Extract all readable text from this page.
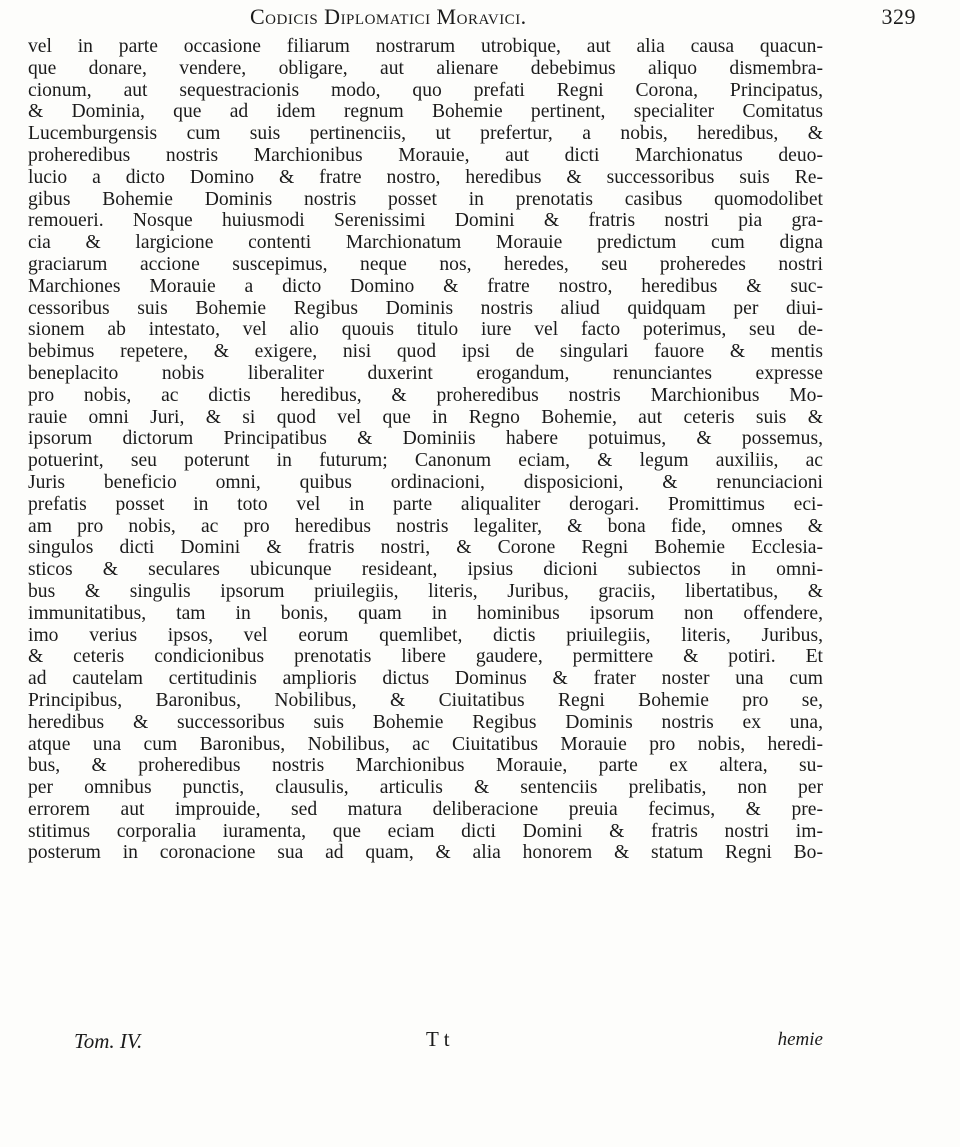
Codicis Diplomatici Moravici.	329
vel in parte occasione filiarum nostrarum utrobique, aut alia causa quacun-
que donare, vendere, obligare, aut alienare debebimus aliquo dismembra-
cionum, aut sequestracionis modo, quo prefati Regni Corona, Principatus,
& Dominia, que ad idem regnum Bohemie pertinent, specialiter Comitatus
Lucemburgensis cum suis pertinenciis, ut prefertur, a nobis, heredibus, &
proheredibus nostris Marchionibus Morauie, aut dicti Marchionatus deuo-
lucio a dicto Domino & fratre nostro, heredibus & successoribus suis Re-
gibus Bohemie Dominis nostris posset in prenotatis casibus quomodolibet
remoueri. Nosque huiusmodi Serenissimi Domini & fratris nostri pia gra-
cia & largicione contenti Marchionatum Morauie predictum cum digna
graciarum accione suscepimus, neque nos, heredes, seu proheredes nostri
Marchiones Morauie a dicto Domino & fratre nostro, heredibus & suc-
cessoribus suis Bohemie Regibus Dominis nostris aliud quidquam per diui-
sionem ab intestato, vel alio quouis titulo iure vel facto poterimus, seu de-
bebimus repetere, & exigere, nisi quod ipsi de singulari fauore & mentis
beneplacito nobis liberaliter duxerint erogandum, renunciantes expresse
pro nobis, ac dictis heredibus, & proheredibus nostris Marchionibus Mo-
rauie omni Juri, & si quod vel que in Regno Bohemie, aut ceteris suis &
ipsorum dictorum Principatibus & Dominiis habere potuimus, & possemus,
potuerint, seu poterunt in futurum; Canonum eciam, & legum auxiliis, ac
Juris beneficio omni, quibus ordinacioni, disposicioni, & renunciacioni
prefatis posset in toto vel in parte aliqualiter derogari. Promittimus eci-
am pro nobis, ac pro heredibus nostris legaliter, & bona fide, omnes &
singulos dicti Domini & fratris nostri, & Corone Regni Bohemie Ecclesia-
sticos & seculares ubicunque resideant, ipsius dicioni subiectos in omni-
bus & singulis ipsorum priuilegiis, literis, Juribus, graciis, libertatibus, &
immunitatibus, tam in bonis, quam in hominibus ipsorum non offendere,
imo verius ipsos, vel eorum quemlibet, dictis priuilegiis, literis, Juribus,
& ceteris condicionibus prenotatis libere gaudere, permittere & potiri. Et
ad cautelam certitudinis amplioris dictus Dominus & frater noster una cum
Principibus, Baronibus, Nobilibus, & Ciuitatibus Regni Bohemie pro se,
heredibus & successoribus suis Bohemie Regibus Dominis nostris ex una,
atque una cum Baronibus, Nobilibus, ac Ciuitatibus Morauie pro nobis, heredi-
bus, & proheredibus nostris Marchionibus Morauie, parte ex altera, su-
per omnibus punctis, clausulis, articulis & sentenciis prelibatis, non per
errorem aut improuide, sed matura deliberacione preuia fecimus, & pre-
stitimus corporalia iuramenta, que eciam dicti Domini & fratris nostri im-
posterum in coronacione sua ad quam, & alia honorem & statum Regni Bo-
Tom. IV.	T t	hemie
